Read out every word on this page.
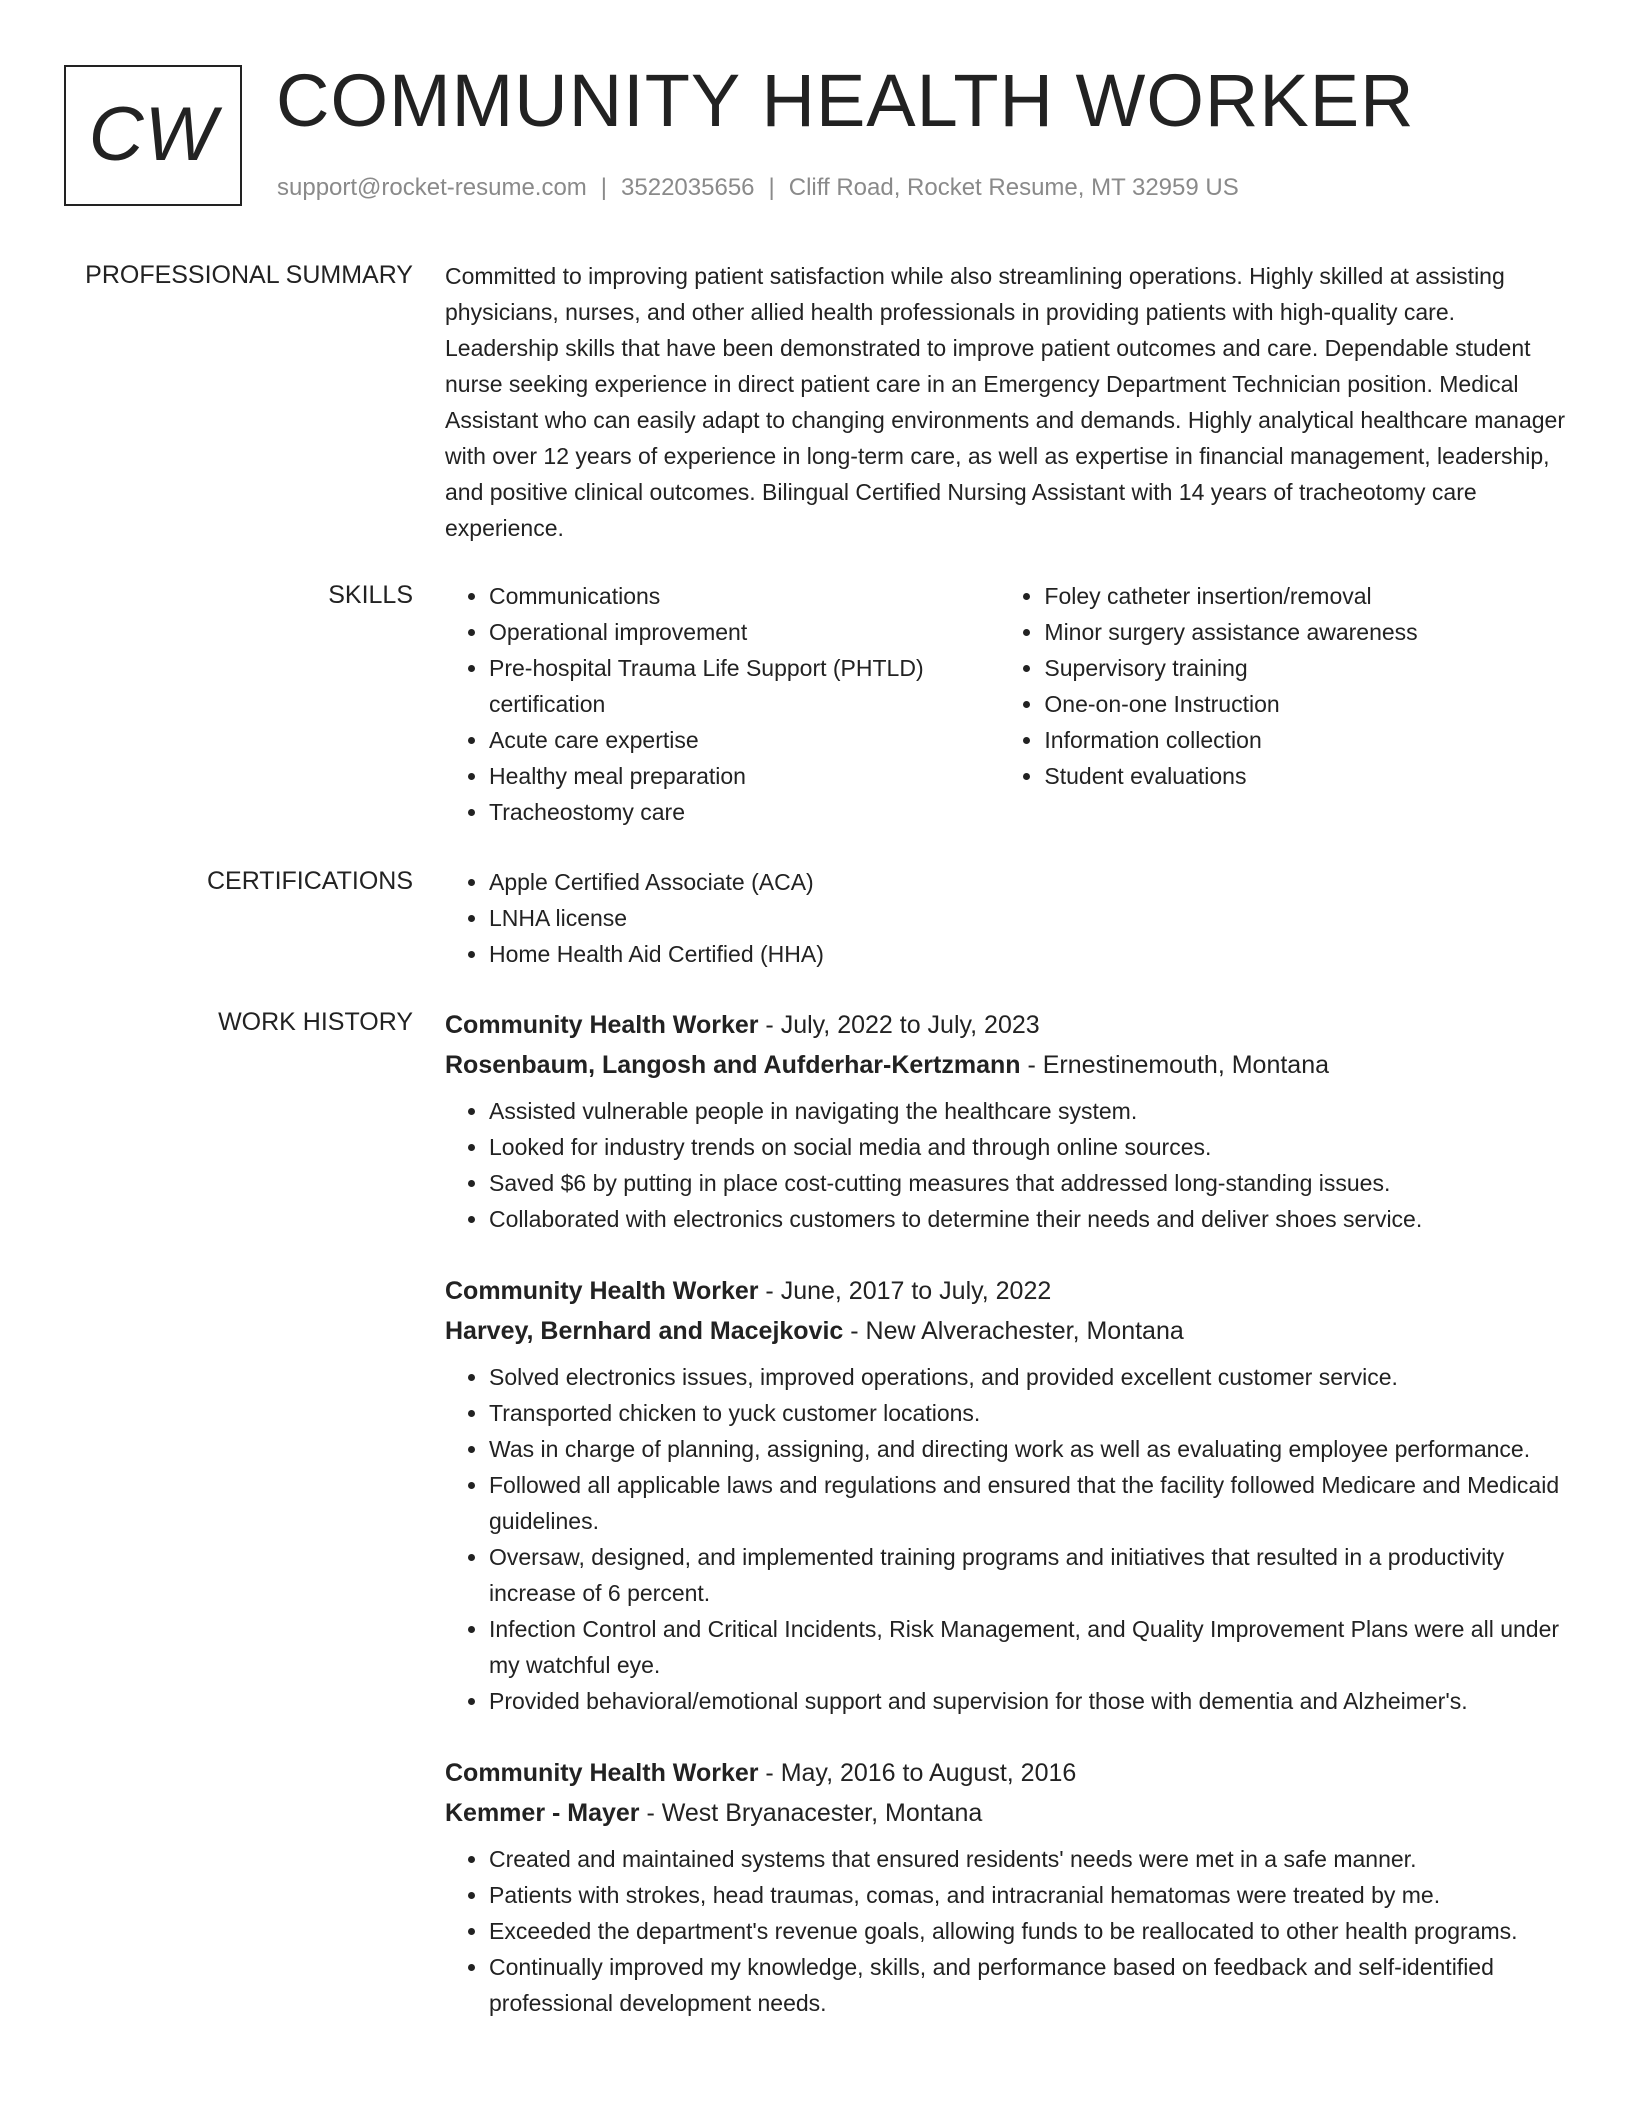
CW COMMUNITY HEALTH WORKER
support@rocket-resume.com | 3522035656 | Cliff Road, Rocket Resume, MT 32959 US
PROFESSIONAL SUMMARY Committed to improving patient satisfaction while also streamlining operations. Highly skilled at assisting physicians, nurses, and other allied health professionals in providing patients with high-quality care. Leadership skills that have been demonstrated to improve patient outcomes and care. Dependable student nurse seeking experience in direct patient care in an Emergency Department Technician position. Medical Assistant who can easily adapt to changing environments and demands. Highly analytical healthcare manager with over 12 years of experience in long-term care, as well as expertise in financial management, leadership, and positive clinical outcomes. Bilingual Certified Nursing Assistant with 14 years of tracheotomy care experience.

SKILLS	• Communications
• Operational improvement
• Pre-hospital Trauma Life Support (PHTLD) certification
• Acute care expertise
• Healthy meal preparation
• Tracheostomy care
• Foley catheter insertion/removal
• Minor surgery assistance awareness
• Supervisory training
• One-on-one Instruction
• Information collection
• Student evaluations
CERTIFICATIONS	• Apple Certified Associate (ACA)
• LNHA license
• Home Health Aid Certified (HHA)
WORK HISTORY Community Health Worker - July, 2022 to July, 2023
Rosenbaum, Langosh and Aufderhar-Kertzmann - Ernestinemouth, Montana
• Assisted vulnerable people in navigating the healthcare system.
• Looked for industry trends on social media and through online sources.
• Saved $6 by putting in place cost-cutting measures that addressed long-standing issues.
• Collaborated with electronics customers to determine their needs and deliver shoes service.
Community Health Worker - June, 2017 to July, 2022
Harvey, Bernhard and Macejkovic - New Alverachester, Montana
• Solved electronics issues, improved operations, and provided excellent customer service.
• Transported chicken to yuck customer locations.
• Was in charge of planning, assigning, and directing work as well as evaluating employee performance.
• Followed all applicable laws and regulations and ensured that the facility followed Medicare and Medicaid guidelines.
• Oversaw, designed, and implemented training programs and initiatives that resulted in a productivity increase of 6 percent.
• Infection Control and Critical Incidents, Risk Management, and Quality Improvement Plans were all under my watchful eye.
• Provided behavioral/emotional support and supervision for those with dementia and Alzheimer's.
Community Health Worker - May, 2016 to August, 2016
Kemmer - Mayer - West Bryanacester, Montana
• Created and maintained systems that ensured residents' needs were met in a safe manner.
• Patients with strokes, head traumas, comas, and intracranial hematomas were treated by me.
• Exceeded the department's revenue goals, allowing funds to be reallocated to other health programs.
• Continually improved my knowledge, skills, and performance based on feedback and self-identified professional development needs.
